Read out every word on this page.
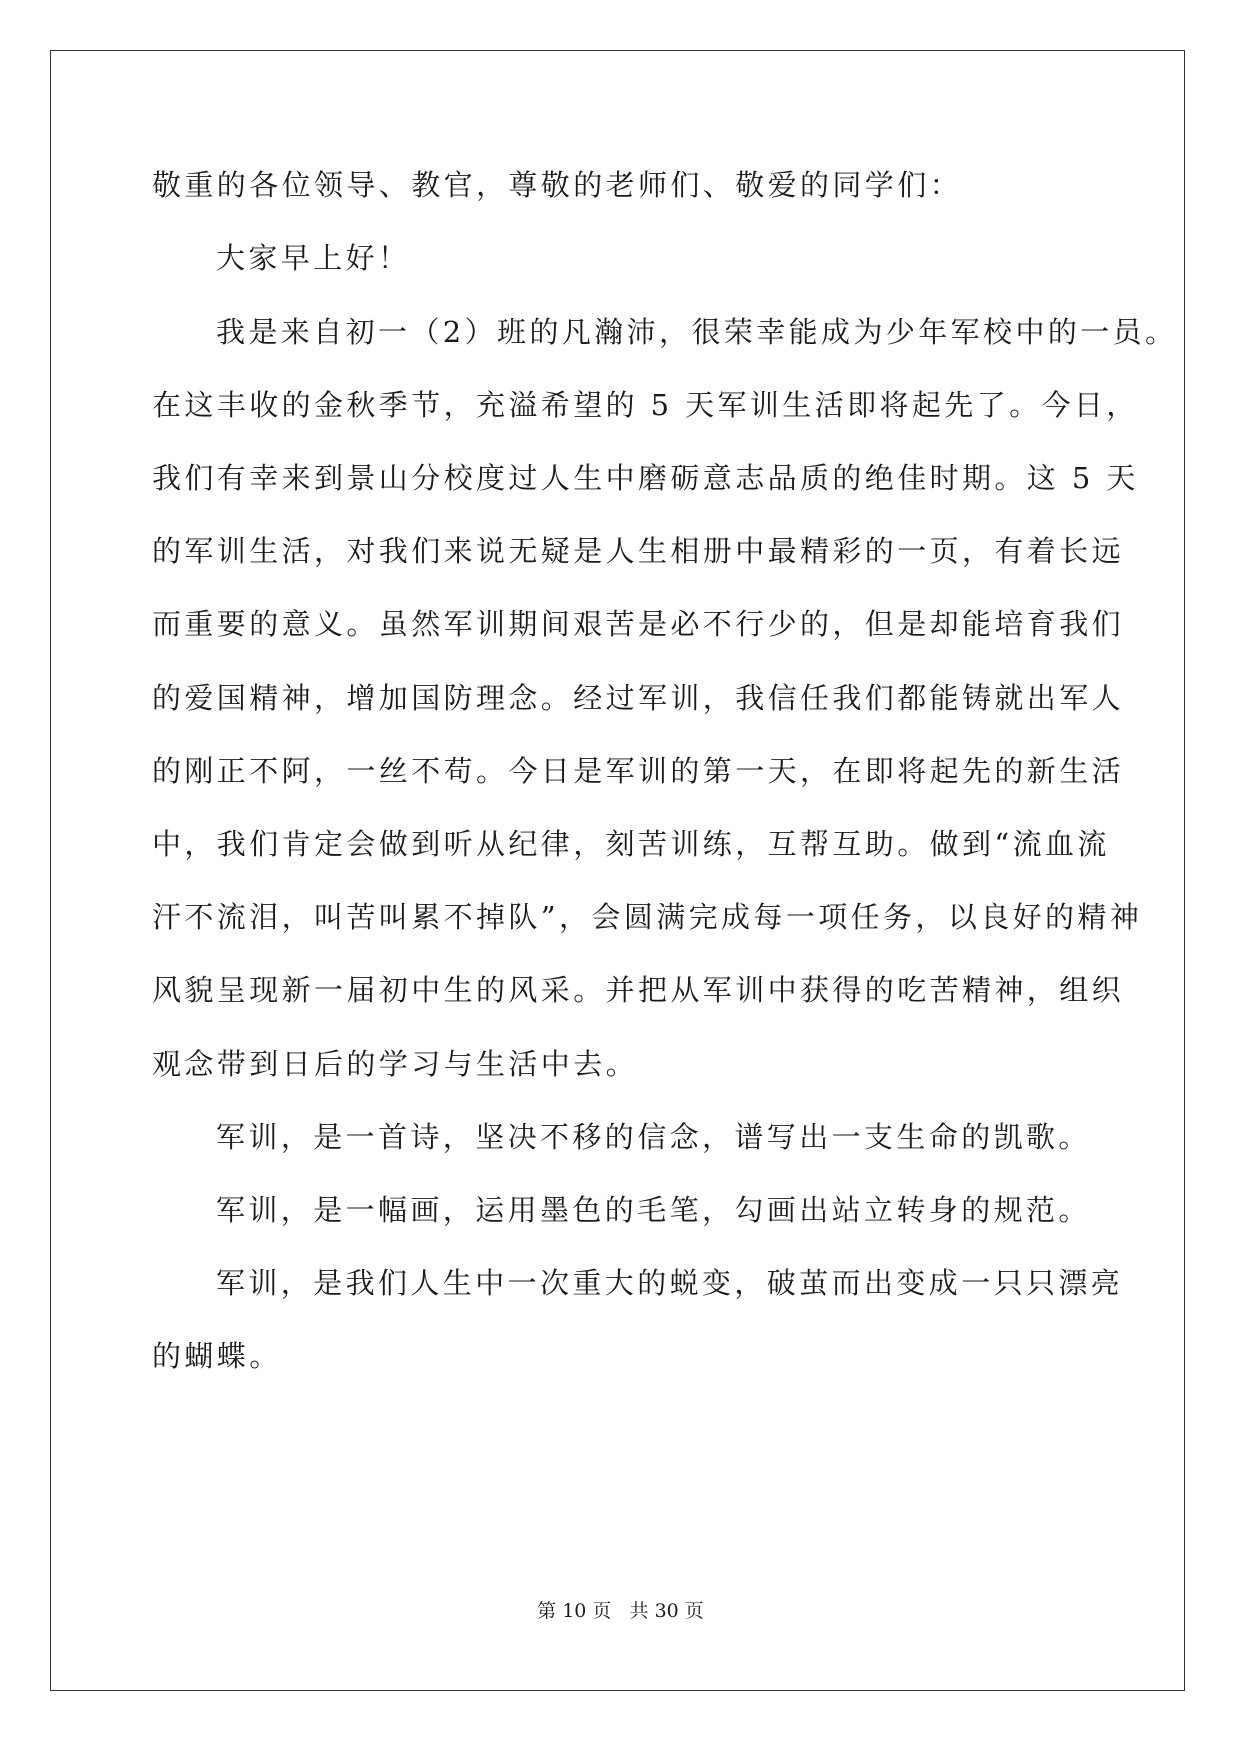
敬重的各位领导、教官，尊敬的老师们、敬爱的同学们：
大家早上好！
我是来自初一（2）班的凡瀚沛，很荣幸能成为少年军校中的一员。
在这丰收的金秋季节，充溢希望的 5 天军训生活即将起先了。今日，
我们有幸来到景山分校度过人生中磨砺意志品质的绝佳时期。这 5 天
的军训生活，对我们来说无疑是人生相册中最精彩的一页，有着长远
而重要的意义。虽然军训期间艰苦是必不行少的，但是却能培育我们
的爱国精神，增加国防理念。经过军训，我信任我们都能铸就出军人
的刚正不阿，一丝不苟。今日是军训的第一天，在即将起先的新生活
中，我们肯定会做到听从纪律，刻苦训练，互帮互助。做到“流血流
汗不流泪，叫苦叫累不掉队”，会圆满完成每一项任务，以良好的精神
风貌呈现新一届初中生的风采。并把从军训中获得的吃苦精神，组织
观念带到日后的学习与生活中去。
军训，是一首诗，坚决不移的信念，谱写出一支生命的凯歌。
军训，是一幅画，运用墨色的毛笔，勾画出站立转身的规范。
军训，是我们人生中一次重大的蜕变，破茧而出变成一只只漂亮
的蝴蝶。
第 10 页   共 30 页
